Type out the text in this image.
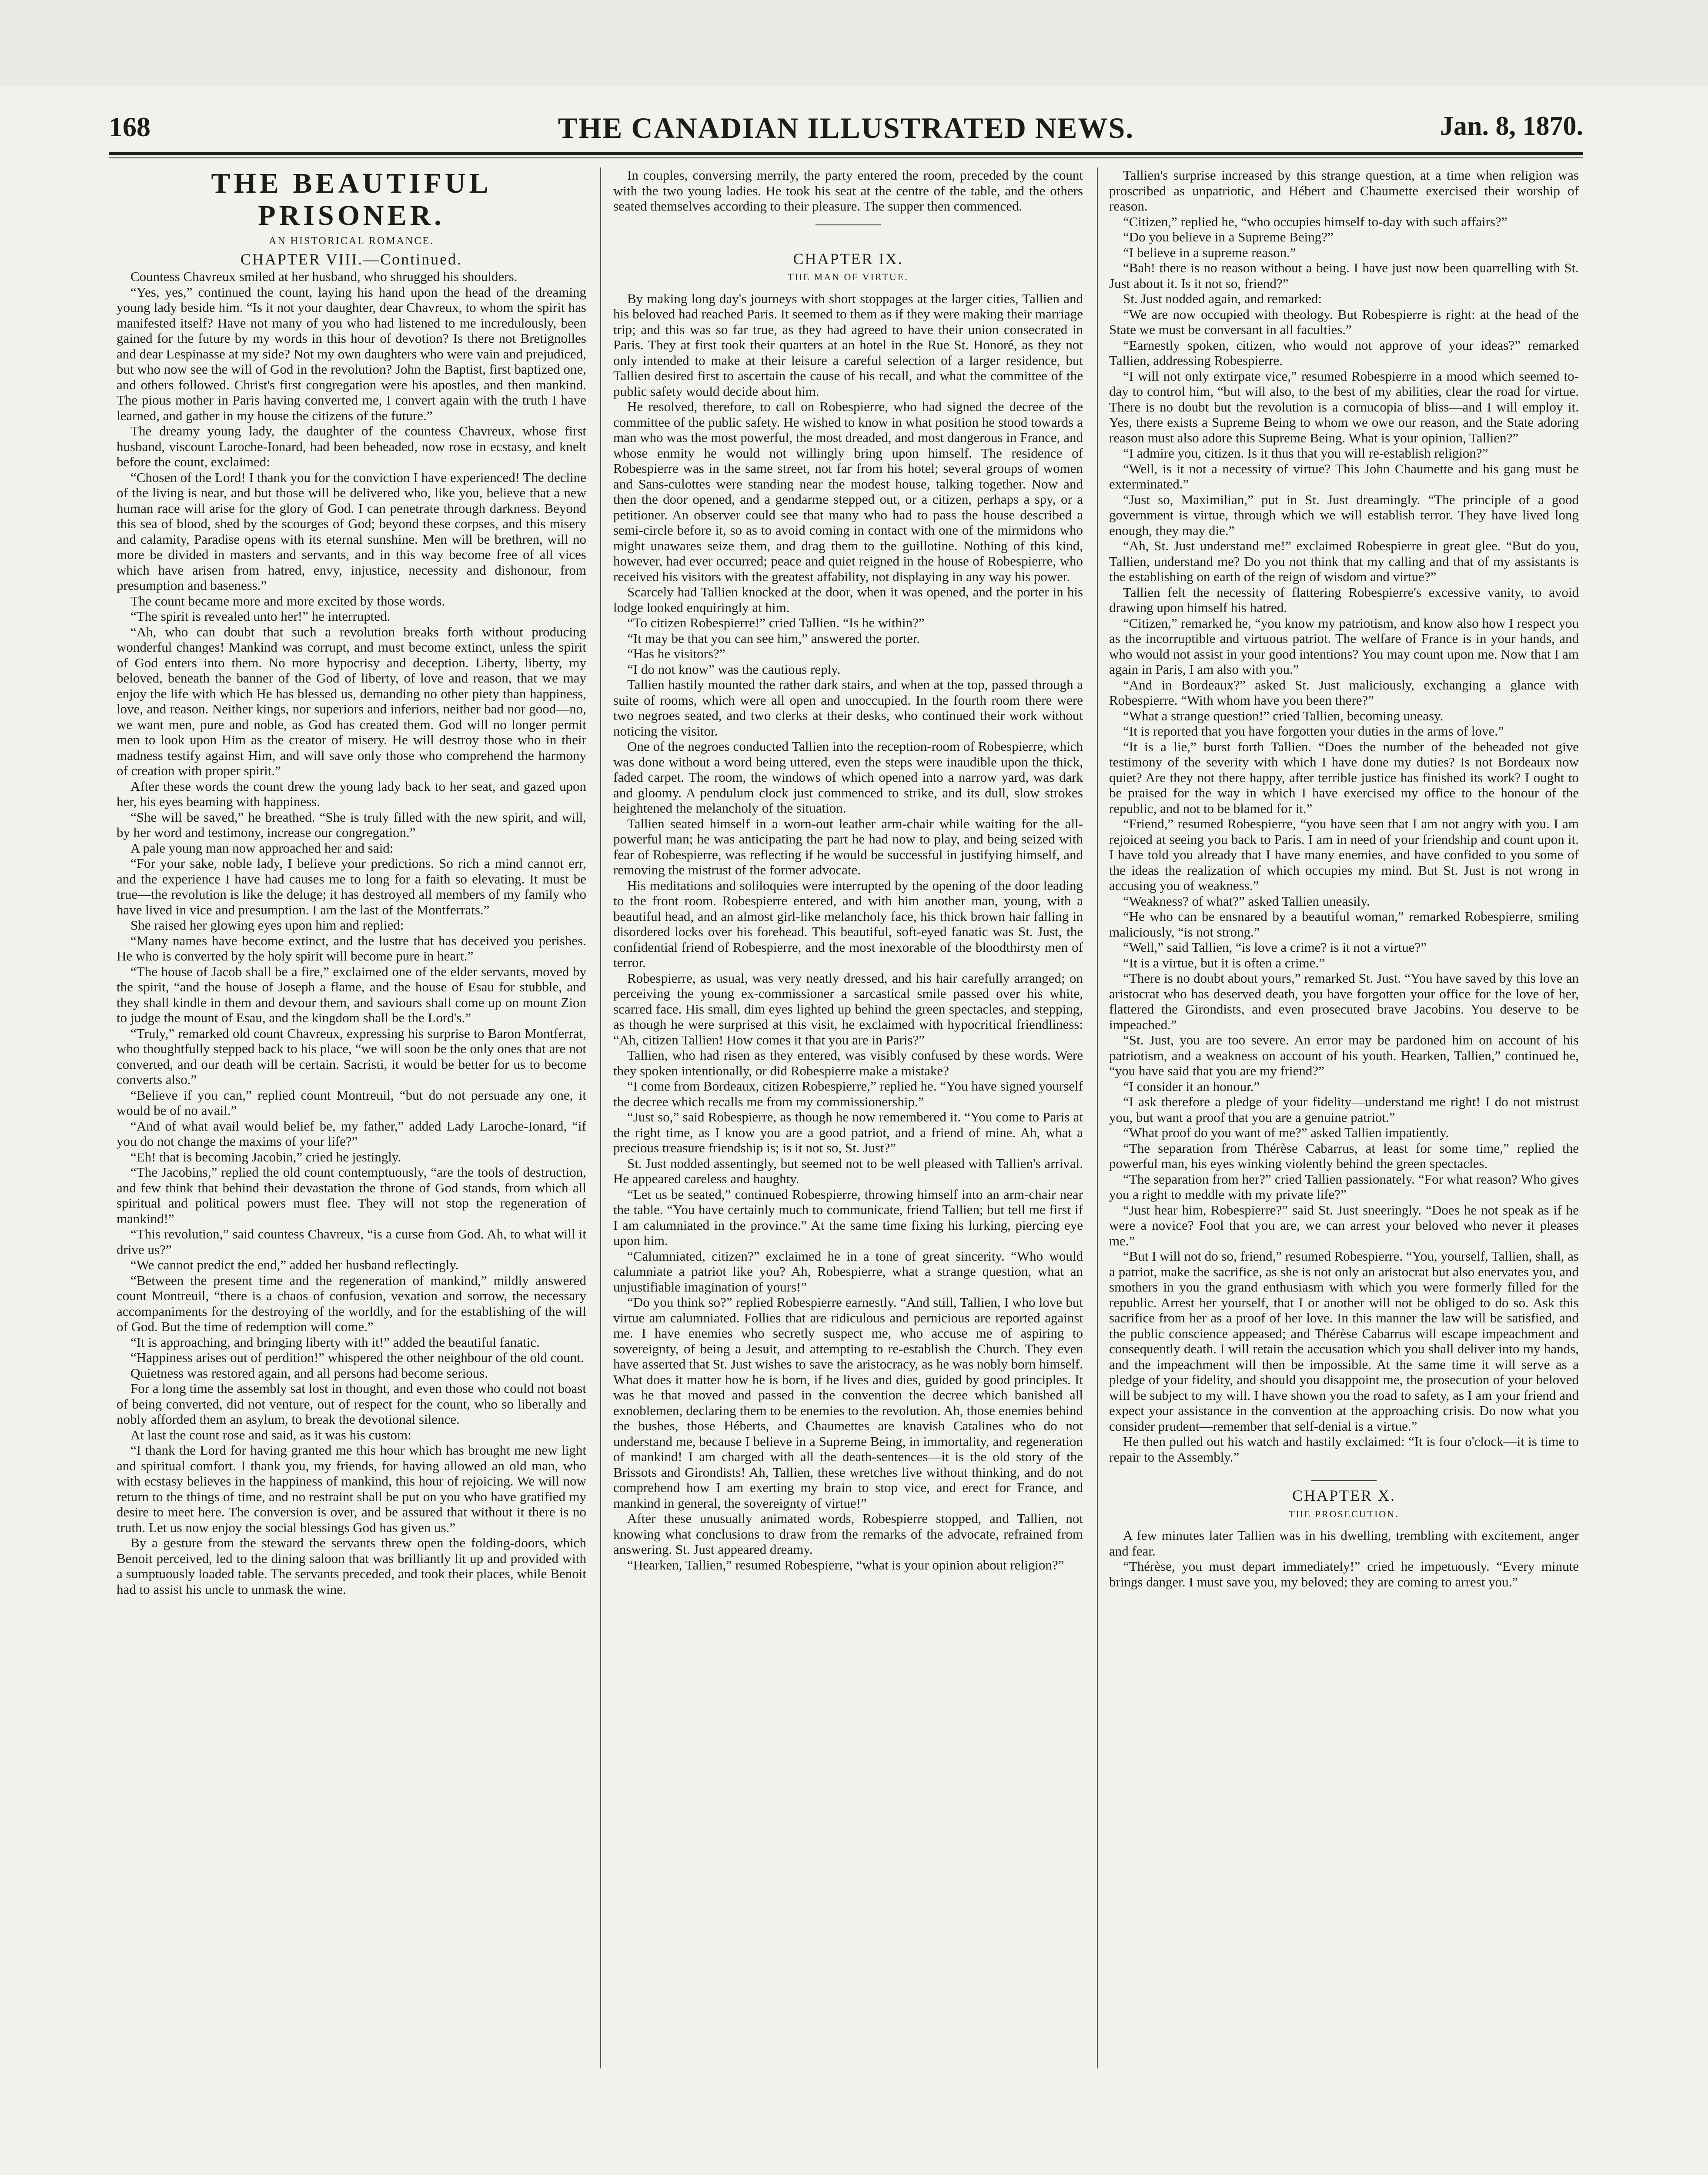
168	THE CANADIAN ILLUSTRATED NEWS.	Jan. 8, 1870.
THE BEAUTIFUL PRISONER.
AN HISTORICAL ROMANCE.
CHAPTER VIII.—Continued.

Countess Chavreux smiled at her husband, who shrugged his shoulders.

“Yes, yes,” continued the count, laying his hand upon the head of the dreaming young lady beside him. “Is it not your daughter, dear Chavreux, to whom the spirit has manifested itself? Have not many of you who had listened to me incredulously, been gained for the future by my words in this hour of devotion? Is there not Bretignolles and dear Lespinasse at my side? Not my own daughters who were vain and prejudiced, but who now see the will of God in the revolution? John the Baptist, first baptized one, and others followed. Christ's first congregation were his apostles, and then mankind. The pious mother in Paris having converted me, I convert again with the truth I have learned, and gather in my house the citizens of the future.”

The dreamy young lady, the daughter of the countess Chavreux, whose first husband, viscount Laroche-Ionard, had been beheaded, now rose in ecstasy, and knelt before the count, exclaimed:

“Chosen of the Lord! I thank you for the conviction I have experienced! The decline of the living is near, and but those will be delivered who, like you, believe that a new human race will arise for the glory of God. I can penetrate through darkness. Beyond this sea of blood, shed by the scourges of God; beyond these corpses, and this misery and calamity, Paradise opens with its eternal sunshine. Men will be brethren, will no more be divided in masters and servants, and in this way become free of all vices which have arisen from hatred, envy, injustice, necessity and dishonour, from presumption and baseness.”

The count became more and more excited by those words.

“The spirit is revealed unto her!” he interrupted.

“Ah, who can doubt that such a revolution breaks forth without producing wonderful changes! Mankind was corrupt, and must become extinct, unless the spirit of God enters into them. No more hypocrisy and deception. Liberty, liberty, my beloved, beneath the banner of the God of liberty, of love and reason, that we may enjoy the life with which He has blessed us, demanding no other piety than happiness, love, and reason. Neither kings, nor superiors and inferiors, neither bad nor good—no, we want men, pure and noble, as God has created them. God will no longer permit men to look upon Him as the creator of misery. He will destroy those who in their madness testify against Him, and will save only those who comprehend the harmony of creation with proper spirit.”

After these words the count drew the young lady back to her seat, and gazed upon her, his eyes beaming with happiness.

“She will be saved,” he breathed. “She is truly filled with the new spirit, and will, by her word and testimony, increase our congregation.”

A pale young man now approached her and said:

“For your sake, noble lady, I believe your predictions. So rich a mind cannot err, and the experience I have had causes me to long for a faith so elevating. It must be true—the revolution is like the deluge; it has destroyed all members of my family who have lived in vice and presumption. I am the last of the Montferrats.”

She raised her glowing eyes upon him and replied:

“Many names have become extinct, and the lustre that has deceived you perishes. He who is converted by the holy spirit will become pure in heart.”

“The house of Jacob shall be a fire,” exclaimed one of the elder servants, moved by the spirit, “and the house of Joseph a flame, and the house of Esau for stubble, and they shall kindle in them and devour them, and saviours shall come up on mount Zion to judge the mount of Esau, and the kingdom shall be the Lord's.”

“Truly,” remarked old count Chavreux, expressing his surprise to Baron Montferrat, who thoughtfully stepped back to his place, “we will soon be the only ones that are not converted, and our death will be certain. Sacristi, it would be better for us to become converts also.”

“Believe if you can,” replied count Montreuil, “but do not persuade any one, it would be of no avail.”

“And of what avail would belief be, my father,” added Lady Laroche-Ionard, “if you do not change the maxims of your life?”

“Eh! that is becoming Jacobin,” cried he jestingly.

“The Jacobins,” replied the old count contemptuously, “are the tools of destruction, and few think that behind their devastation the throne of God stands, from which all spiritual and political powers must flee. They will not stop the regeneration of mankind!”

“This revolution,” said countess Chavreux, “is a curse from God. Ah, to what will it drive us?”

“We cannot predict the end,” added her husband reflectingly.

“Between the present time and the regeneration of mankind,” mildly answered count Montreuil, “there is a chaos of confusion, vexation and sorrow, the necessary accompaniments for the destroying of the worldly, and for the establishing of the will of God. But the time of redemption will come.”

“It is approaching, and bringing liberty with it!” added the beautiful fanatic.

“Happiness arises out of perdition!” whispered the other neighbour of the old count.

Quietness was restored again, and all persons had become serious.

For a long time the assembly sat lost in thought, and even those who could not boast of being converted, did not venture, out of respect for the count, who so liberally and nobly afforded them an asylum, to break the devotional silence.

At last the count rose and said, as it was his custom:

“I thank the Lord for having granted me this hour which has brought me new light and spiritual comfort. I thank you, my friends, for having allowed an old man, who with ecstasy believes in the happiness of mankind, this hour of rejoicing. We will now return to the things of time, and no restraint shall be put on you who have gratified my desire to meet here. The conversion is over, and be assured that without it there is no truth. Let us now enjoy the social blessings God has given us.”

By a gesture from the steward the servants threw open the folding-doors, which Benoit perceived, led to the dining saloon that was brilliantly lit up and provided with a sumptuously loaded table. The servants preceded, and took their places, while Benoit had to assist his uncle to unmask the wine.

In couples, conversing merrily, the party entered the room, preceded by the count with the two young ladies. He took his seat at the centre of the table, and the others seated themselves according to their pleasure. The supper then commenced.

CHAPTER IX.
THE MAN OF VIRTUE.

By making long day's journeys with short stoppages at the larger cities, Tallien and his beloved had reached Paris. It seemed to them as if they were making their marriage trip; and this was so far true, as they had agreed to have their union consecrated in Paris. They at first took their quarters at an hotel in the Rue St. Honoré, as they not only intended to make at their leisure a careful selection of a larger residence, but Tallien desired first to ascertain the cause of his recall, and what the committee of the public safety would decide about him.

He resolved, therefore, to call on Robespierre, who had signed the decree of the committee of the public safety. He wished to know in what position he stood towards a man who was the most powerful, the most dreaded, and most dangerous in France, and whose enmity he would not willingly bring upon himself. The residence of Robespierre was in the same street, not far from his hotel; several groups of women and Sans-culottes were standing near the modest house, talking together. Now and then the door opened, and a gendarme stepped out, or a citizen, perhaps a spy, or a petitioner. An observer could see that many who had to pass the house described a semi-circle before it, so as to avoid coming in contact with one of the mirmidons who might unawares seize them, and drag them to the guillotine. Nothing of this kind, however, had ever occurred; peace and quiet reigned in the house of Robespierre, who received his visitors with the greatest affability, not displaying in any way his power.

Scarcely had Tallien knocked at the door, when it was opened, and the porter in his lodge looked enquiringly at him.

“To citizen Robespierre!” cried Tallien. “Is he within?”

“It may be that you can see him,” answered the porter.

“Has he visitors?”

“I do not know” was the cautious reply.

Tallien hastily mounted the rather dark stairs, and when at the top, passed through a suite of rooms, which were all open and unoccupied. In the fourth room there were two negroes seated, and two clerks at their desks, who continued their work without noticing the visitor.

One of the negroes conducted Tallien into the reception-room of Robespierre, which was done without a word being uttered, even the steps were inaudible upon the thick, faded carpet. The room, the windows of which opened into a narrow yard, was dark and gloomy. A pendulum clock just commenced to strike, and its dull, slow strokes heightened the melancholy of the situation.

Tallien seated himself in a worn-out leather arm-chair while waiting for the all-powerful man; he was anticipating the part he had now to play, and being seized with fear of Robespierre, was reflecting if he would be successful in justifying himself, and removing the mistrust of the former advocate.

His meditations and soliloquies were interrupted by the opening of the door leading to the front room. Robespierre entered, and with him another man, young, with a beautiful head, and an almost girl-like melancholy face, his thick brown hair falling in disordered locks over his forehead. This beautiful, soft-eyed fanatic was St. Just, the confidential friend of Robespierre, and the most inexorable of the bloodthirsty men of terror.

Robespierre, as usual, was very neatly dressed, and his hair carefully arranged; on perceiving the young ex-commissioner a sarcastical smile passed over his white, scarred face. His small, dim eyes lighted up behind the green spectacles, and stepping, as though he were surprised at this visit, he exclaimed with hypocritical friendliness: “Ah, citizen Tallien! How comes it that you are in Paris?”

Tallien, who had risen as they entered, was visibly confused by these words. Were they spoken intentionally, or did Robespierre make a mistake?

“I come from Bordeaux, citizen Robespierre,” replied he. “You have signed yourself the decree which recalls me from my commissionership.”

“Just so,” said Robespierre, as though he now remembered it. “You come to Paris at the right time, as I know you are a good patriot, and a friend of mine. Ah, what a precious treasure friendship is; is it not so, St. Just?”

St. Just nodded assentingly, but seemed not to be well pleased with Tallien's arrival. He appeared careless and haughty.

“Let us be seated,” continued Robespierre, throwing himself into an arm-chair near the table. “You have certainly much to communicate, friend Tallien; but tell me first if I am calumniated in the province.” At the same time fixing his lurking, piercing eye upon him.

“Calumniated, citizen?” exclaimed he in a tone of great sincerity. “Who would calumniate a patriot like you? Ah, Robespierre, what a strange question, what an unjustifiable imagination of yours!”

“Do you think so?” replied Robespierre earnestly. “And still, Tallien, I who love but virtue am calumniated. Follies that are ridiculous and pernicious are reported against me. I have enemies who secretly suspect me, who accuse me of aspiring to sovereignty, of being a Jesuit, and attempting to re-establish the Church. They even have asserted that St. Just wishes to save the aristocracy, as he was nobly born himself. What does it matter how he is born, if he lives and dies, guided by good principles. It was he that moved and passed in the convention the decree which banished all exnoblemen, declaring them to be enemies to the revolution. Ah, those enemies behind the bushes, those Héberts, and Chaumettes are knavish Catalines who do not understand me, because I believe in a Supreme Being, in immortality, and regeneration of mankind! I am charged with all the death-sentences—it is the old story of the Brissots and Girondists! Ah, Tallien, these wretches live without thinking, and do not comprehend how I am exerting my brain to stop vice, and erect for France, and mankind in general, the sovereignty of virtue!”

After these unusually animated words, Robespierre stopped, and Tallien, not knowing what conclusions to draw from the remarks of the advocate, refrained from answering. St. Just appeared dreamy.

“Hearken, Tallien,” resumed Robespierre, “what is your opinion about religion?”

Tallien's surprise increased by this strange question, at a time when religion was proscribed as unpatriotic, and Hébert and Chaumette exercised their worship of reason.

“Citizen,” replied he, “who occupies himself to-day with such affairs?”

“Do you believe in a Supreme Being?”

“I believe in a supreme reason.”

“Bah! there is no reason without a being. I have just now been quarrelling with St. Just about it. Is it not so, friend?”

St. Just nodded again, and remarked:

“We are now occupied with theology. But Robespierre is right: at the head of the State we must be conversant in all faculties.”

“Earnestly spoken, citizen, who would not approve of your ideas?” remarked Tallien, addressing Robespierre.

“I will not only extirpate vice,” resumed Robespierre in a mood which seemed to-day to control him, “but will also, to the best of my abilities, clear the road for virtue. There is no doubt but the revolution is a cornucopia of bliss—and I will employ it. Yes, there exists a Supreme Being to whom we owe our reason, and the State adoring reason must also adore this Supreme Being. What is your opinion, Tallien?”

“I admire you, citizen. Is it thus that you will re-establish religion?”

“Well, is it not a necessity of virtue? This John Chaumette and his gang must be exterminated.”

“Just so, Maximilian,” put in St. Just dreamingly. “The principle of a good government is virtue, through which we will establish terror. They have lived long enough, they may die.”

“Ah, St. Just understand me!” exclaimed Robespierre in great glee. “But do you, Tallien, understand me? Do you not think that my calling and that of my assistants is the establishing on earth of the reign of wisdom and virtue?”

Tallien felt the necessity of flattering Robespierre's excessive vanity, to avoid drawing upon himself his hatred.

“Citizen,” remarked he, “you know my patriotism, and know also how I respect you as the incorruptible and virtuous patriot. The welfare of France is in your hands, and who would not assist in your good intentions? You may count upon me. Now that I am again in Paris, I am also with you.”

“And in Bordeaux?” asked St. Just maliciously, exchanging a glance with Robespierre. “With whom have you been there?”

“What a strange question!” cried Tallien, becoming uneasy.

“It is reported that you have forgotten your duties in the arms of love.”

“It is a lie,” burst forth Tallien. “Does the number of the beheaded not give testimony of the severity with which I have done my duties? Is not Bordeaux now quiet? Are they not there happy, after terrible justice has finished its work? I ought to be praised for the way in which I have exercised my office to the honour of the republic, and not to be blamed for it.”

“Friend,” resumed Robespierre, “you have seen that I am not angry with you. I am rejoiced at seeing you back to Paris. I am in need of your friendship and count upon it. I have told you already that I have many enemies, and have confided to you some of the ideas the realization of which occupies my mind. But St. Just is not wrong in accusing you of weakness.”

“Weakness? of what?” asked Tallien uneasily.

“He who can be ensnared by a beautiful woman,” remarked Robespierre, smiling maliciously, “is not strong.”

“Well,” said Tallien, “is love a crime? is it not a virtue?”

“It is a virtue, but it is often a crime.”

“There is no doubt about yours,” remarked St. Just. “You have saved by this love an aristocrat who has deserved death, you have forgotten your office for the love of her, flattered the Girondists, and even prosecuted brave Jacobins. You deserve to be impeached.”

“St. Just, you are too severe. An error may be pardoned him on account of his patriotism, and a weakness on account of his youth. Hearken, Tallien,” continued he, “you have said that you are my friend?”

“I consider it an honour.”

“I ask therefore a pledge of your fidelity—understand me right! I do not mistrust you, but want a proof that you are a genuine patriot.”

“What proof do you want of me?” asked Tallien impatiently.

“The separation from Thérèse Cabarrus, at least for some time,” replied the powerful man, his eyes winking violently behind the green spectacles.

“The separation from her?” cried Tallien passionately. “For what reason? Who gives you a right to meddle with my private life?”

“Just hear him, Robespierre?” said St. Just sneeringly. “Does he not speak as if he were a novice? Fool that you are, we can arrest your beloved who never it pleases me.”

“But I will not do so, friend,” resumed Robespierre. “You, yourself, Tallien, shall, as a patriot, make the sacrifice, as she is not only an aristocrat but also enervates you, and smothers in you the grand enthusiasm with which you were formerly filled for the republic. Arrest her yourself, that I or another will not be obliged to do so. Ask this sacrifice from her as a proof of her love. In this manner the law will be satisfied, and the public conscience appeased; and Thérèse Cabarrus will escape impeachment and consequently death. I will retain the accusation which you shall deliver into my hands, and the impeachment will then be impossible. At the same time it will serve as a pledge of your fidelity, and should you disappoint me, the prosecution of your beloved will be subject to my will. I have shown you the road to safety, as I am your friend and expect your assistance in the convention at the approaching crisis. Do now what you consider prudent—remember that self-denial is a virtue.”

He then pulled out his watch and hastily exclaimed: “It is four o'clock—it is time to repair to the Assembly.”

CHAPTER X.
THE PROSECUTION.

A few minutes later Tallien was in his dwelling, trembling with excitement, anger and fear.

“Thérèse, you must depart immediately!” cried he impetuously. “Every minute brings danger. I must save you, my beloved; they are coming to arrest you.”
